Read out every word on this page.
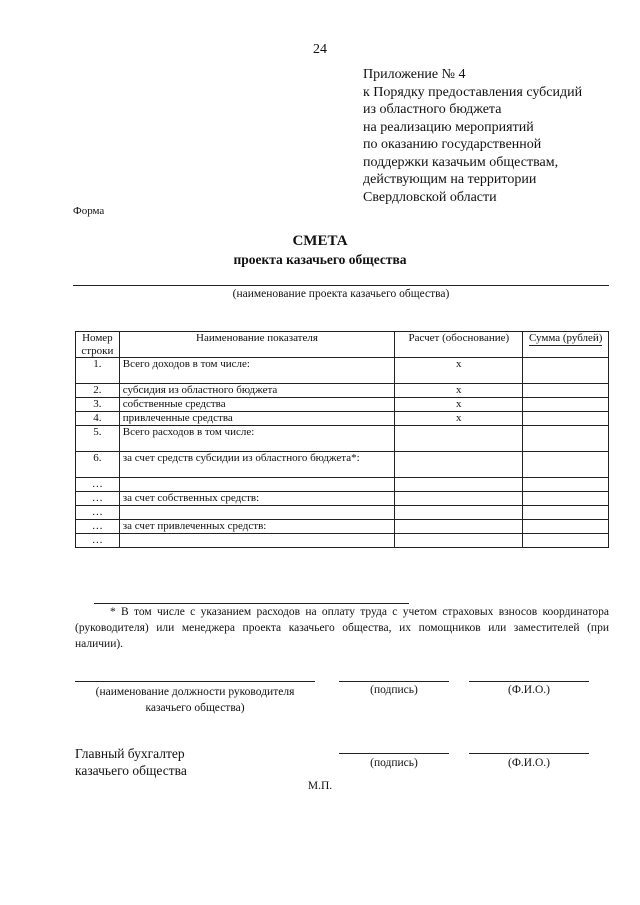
24
Приложение № 4
к Порядку предоставления субсидий
из областного бюджета
на реализацию мероприятий
по оказанию государственной
поддержки казачьим обществам,
действующим на территории
Свердловской области
Форма
СМЕТА
проекта казачьего общества
(наименование проекта казачьего общества)
Номер строки	Наименование показателя	Расчет (обоснование)	Сумма (рублей)
1.	Всего доходов в том числе:	x	
2.	субсидия из областного бюджета	x	
3.	собственные средства	x	
4.	привлеченные средства	x	
5.	Всего расходов в том числе:		
6.	за счет средств субсидии из областного бюджета*:		
…			
…	за счет собственных средств:		
…			
…	за счет привлеченных средств:		
…			
* В том числе с указанием расходов на оплату труда с учетом страховых взносов координатора (руководителя) или менеджера проекта казачьего общества, их помощников или заместителей (при наличии).
(наименование должности руководителя казачьего общества)
(подпись)	(Ф.И.О.)
Главный бухгалтер казачьего общества	(подпись)	(Ф.И.О.)
М.П.
